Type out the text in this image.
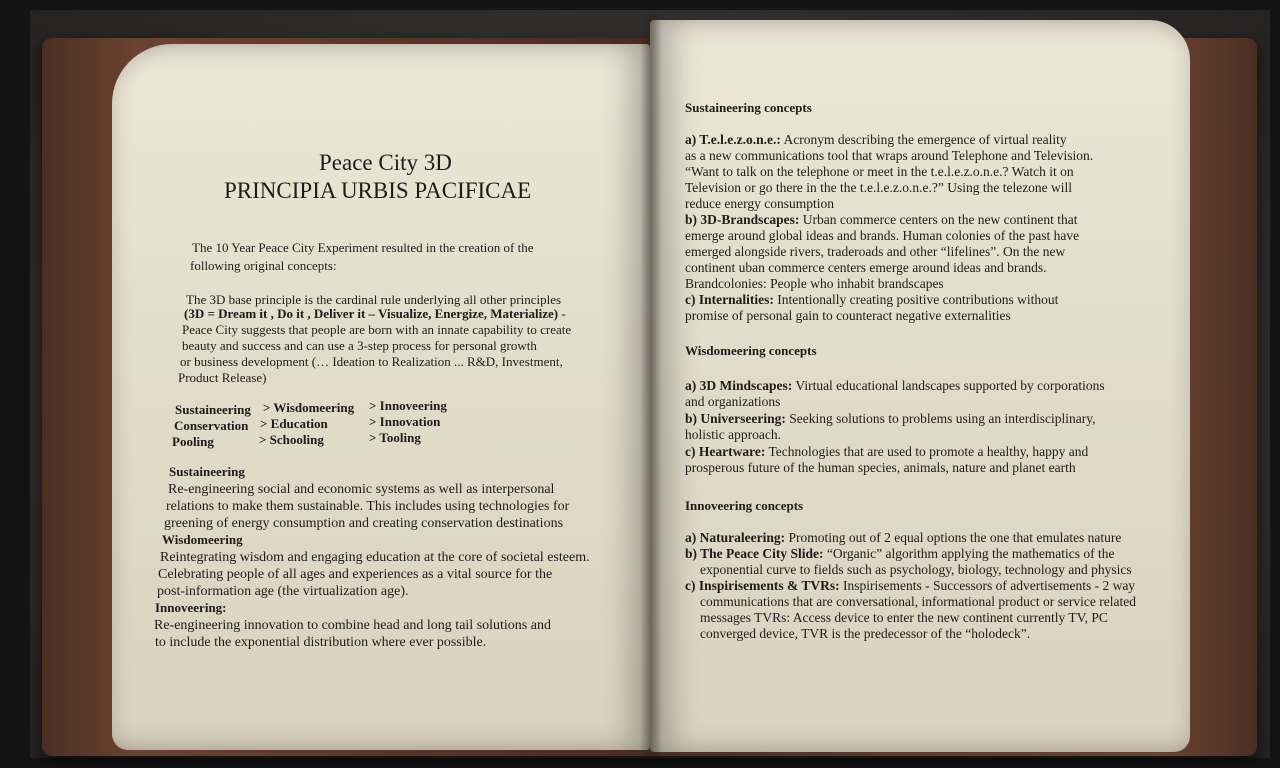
Peace City 3D
PRINCIPIA URBIS PACIFICAE
The 10 Year Peace City Experiment resulted in the creation of the
following original concepts:
The 3D base principle is the cardinal rule underlying all other principles
(3D = Dream it , Do it , Deliver it – Visualize, Energize, Materialize) -
Peace City suggests that people are born with an innate capability to create
beauty and success and can use a 3-step process for personal growth
or business development (… Ideation to Realization ... R&D, Investment,
Product Release)
Sustaineering
Conservation
Pooling
> Wisdomeering
> Education
> Schooling
> Innoveering
> Innovation
> Tooling
Sustaineering
Re-engineering social and economic systems as well as interpersonal
relations to make them sustainable. This includes using technologies for
greening of energy consumption and creating conservation destinations
Wisdomeering
Reintegrating wisdom and engaging education at the core of societal esteem.
Celebrating people of all ages and experiences as a vital source for the
post-information age (the virtualization age).
Innoveering:
Re-engineering innovation to combine head and long tail solutions and
to include the exponential distribution where ever possible.
Sustaineering concepts
a) T.e.l.e.z.o.n.e.: Acronym describing the emergence of virtual reality
as a new communications tool that wraps around Telephone and Television.
“Want to talk on the telephone or meet in the t.e.l.e.z.o.n.e.? Watch it on
Television or go there in the the t.e.l.e.z.o.n.e.?” Using the telezone will
reduce energy consumption
b) 3D-Brandscapes: Urban commerce centers on the new continent that
emerge around global ideas and brands. Human colonies of the past have
emerged alongside rivers, traderoads and other “lifelines”. On the new
continent uban commerce centers emerge around ideas and brands.
Brandcolonies: People who inhabit brandscapes
c) Internalities: Intentionally creating positive contributions without
promise of personal gain to counteract negative externalities
Wisdomeering concepts
a) 3D Mindscapes: Virtual educational landscapes supported by corporations
and organizations
b) Universeering: Seeking solutions to problems using an interdisciplinary,
holistic approach.
c) Heartware: Technologies that are used to promote a healthy, happy and
prosperous future of the human species, animals, nature and planet earth
Innoveering concepts
a) Naturaleering: Promoting out of 2 equal options the one that emulates nature
b) The Peace City Slide: “Organic” algorithm applying the mathematics of the
exponential curve to fields such as psychology, biology, technology and physics
c) Inspirisements & TVRs: Inspirisements - Successors of advertisements - 2 way
communications that are conversational, informational product or service related
messages TVRs: Access device to enter the new continent currently TV, PC
converged device, TVR is the predecessor of the “holodeck”.
